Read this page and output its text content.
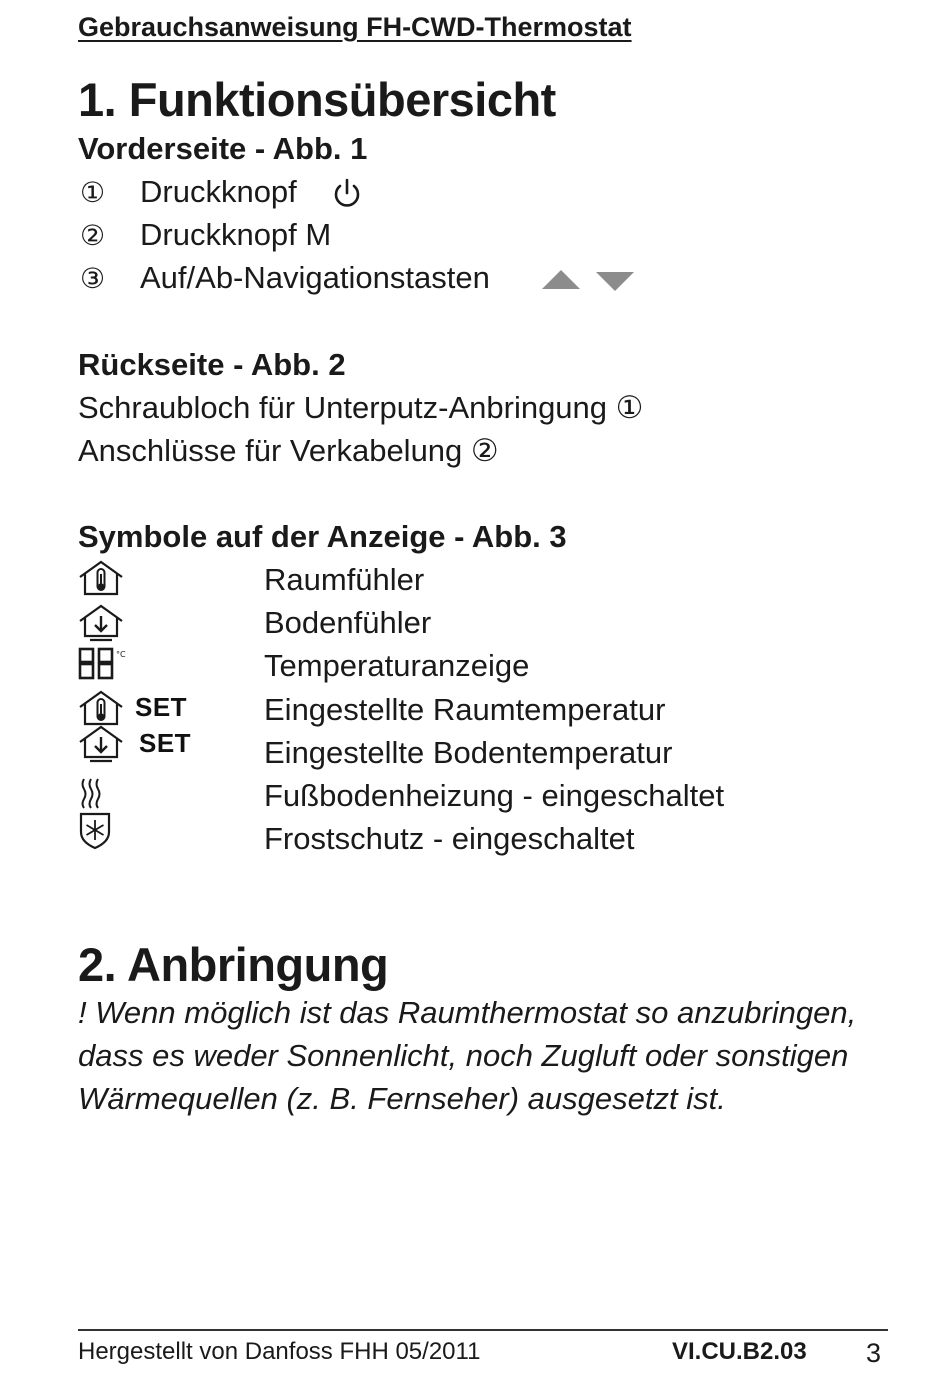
Gebrauchsanweisung FH-CWD-Thermostat
1. Funktionsübersicht
Vorderseite - Abb. 1
① Druckknopf
② Druckknopf M
③ Auf/Ab-Navigationstasten
Rückseite - Abb. 2
Schraubloch für Unterputz-Anbringung ①
Anschlüsse für Verkabelung ②
Symbole auf der Anzeige - Abb. 3
Raumfühler
Bodenfühler
°C	Temperaturanzeige
SET Eingestellte Raumtemperatur
SET Eingestellte Bodentemperatur
Fußbodenheizung - eingeschaltet
Frostschutz - eingeschaltet
2. Anbringung
! Wenn möglich ist das Raumthermostat so anzubringen,
dass es weder Sonnenlicht, noch Zugluft oder sonstigen
Wärmequellen (z. B. Fernseher) ausgesetzt ist.
Hergestellt von Danfoss FHH 05/2011	VI.CU.B2.03 3
